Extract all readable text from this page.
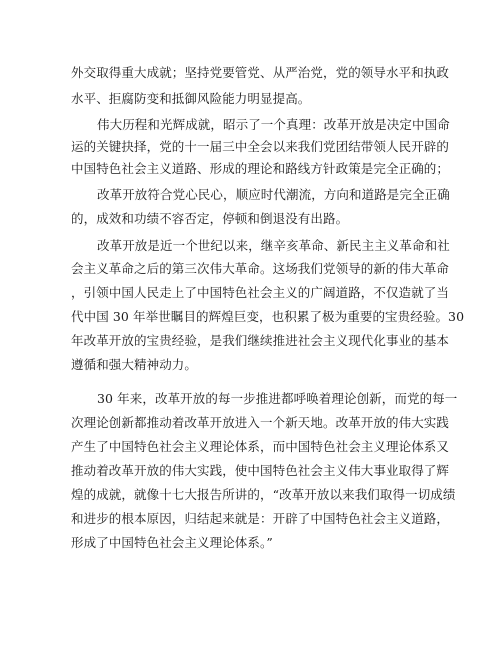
外交取得重大成就；坚持党要管党、从严治党，党的领导水平和执政
水平、拒腐防变和抵御风险能力明显提高。
伟大历程和光辉成就，昭示了一个真理：改革开放是决定中国命
运的关键抉择，党的十一届三中全会以来我们党团结带领人民开辟的
中国特色社会主义道路、形成的理论和路线方针政策是完全正确的；
改革开放符合党心民心，顺应时代潮流，方向和道路是完全正确
的，成效和功绩不容否定，停顿和倒退没有出路。
改革开放是近一个世纪以来，继辛亥革命、新民主主义革命和社
会主义革命之后的第三次伟大革命。这场我们党领导的新的伟大革命
，引领中国人民走上了中国特色社会主义的广阔道路，不仅造就了当
代中国 30 年举世瞩目的辉煌巨变，也积累了极为重要的宝贵经验。30
年改革开放的宝贵经验，是我们继续推进社会主义现代化事业的基本
遵循和强大精神动力。
30 年来，改革开放的每一步推进都呼唤着理论创新，而党的每一
次理论创新都推动着改革开放进入一个新天地。改革开放的伟大实践
产生了中国特色社会主义理论体系，而中国特色社会主义理论体系又
推动着改革开放的伟大实践，使中国特色社会主义伟大事业取得了辉
煌的成就，就像十七大报告所讲的，“改革开放以来我们取得一切成绩
和进步的根本原因，归结起来就是：开辟了中国特色社会主义道路，
形成了中国特色社会主义理论体系。”
